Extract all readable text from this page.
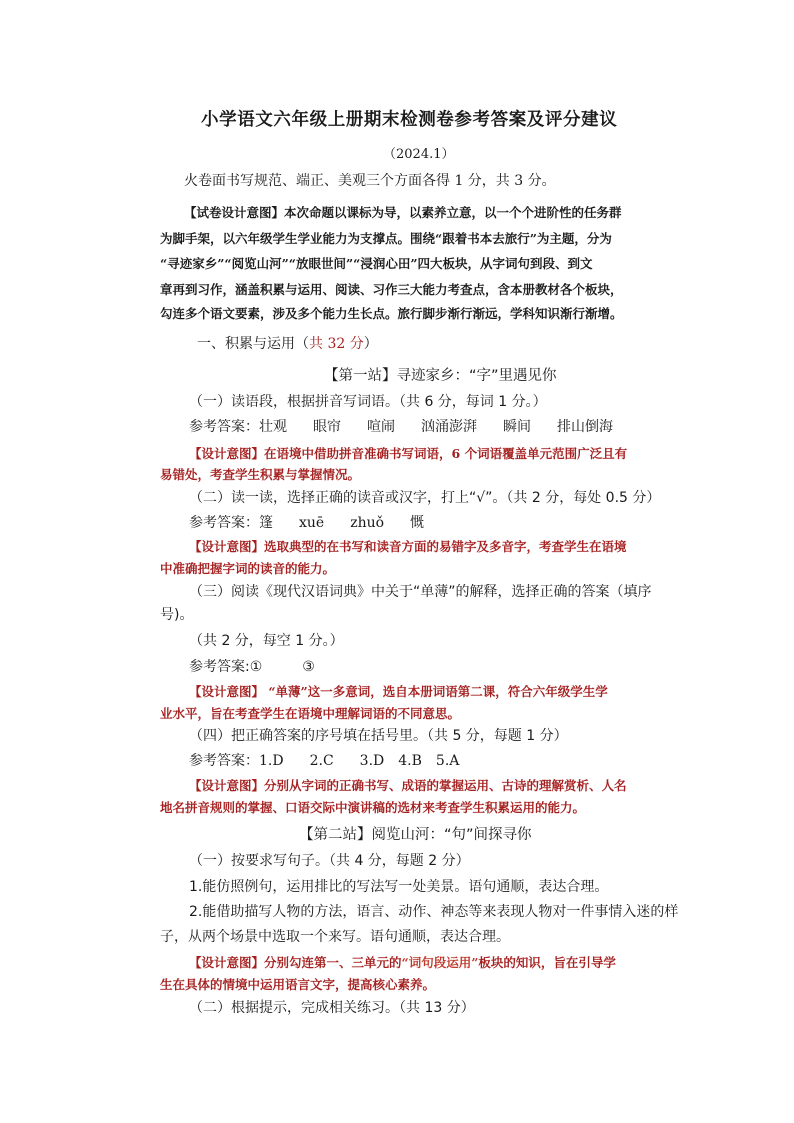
小学语文六年级上册期末检测卷参考答案及评分建议
（2024.1）
火卷面书写规范、端正、美观三个方面各得 1 分，共 3 分。
【试卷设计意图】本次命题以课标为导，以素养立意，以一个个进阶性的任务群
为脚手架，以六年级学生学业能力为支撑点。围绕“跟着书本去旅行”为主题，分为
“寻迹家乡”“阅览山河”“放眼世间”“浸润心田”四大板块，从字词句到段、到文
章再到习作，涵盖积累与运用、阅读、习作三大能力考查点，含本册教材各个板块，
勾连多个语文要素，涉及多个能力生长点。旅行脚步渐行渐远，学科知识渐行渐增。
一、积累与运用（共 32 分）
【第一站】寻迹家乡：“字”里遇见你
（一）读语段，根据拼音写词语。（共 6 分，每词 1 分。）
参考答案：壮观 眼帘 喧闹 汹涌澎湃 瞬间 排山倒海
【设计意图】在语境中借助拼音准确书写词语，6 个词语覆盖单元范围广泛且有
易错处，考查学生积累与掌握情况。
（二）读一读，选择正确的读音或汉字，打上“√”。（共 2 分，每处 0.5 分）
参考答案：篷 xuē zhuǒ 慨
【设计意图】选取典型的在书写和读音方面的易错字及多音字，考查学生在语境
中准确把握字词的读音的能力。
（三）阅读《现代汉语词典》中关于“单薄”的解释，选择正确的答案（填序
号)。
（共 2 分，每空 1 分。）
参考答案:①	③
【设计意图】 “单薄”这一多意词，选自本册词语第二课，符合六年级学生学
业水平，旨在考查学生在语境中理解词语的不同意思。
（四）把正确答案的序号填在括号里。（共 5 分，每题 1 分）
参考答案：1.D 2.C 3.D 4.B 5.A
【设计意图】分别从字词的正确书写、成语的掌握运用、古诗的理解赏析、人名
地名拼音规则的掌握、口语交际中演讲稿的选材来考查学生积累运用的能力。
【第二站】阅览山河：“句”间探寻你
（一）按要求写句子。（共 4 分，每题 2 分）
1.能仿照例句，运用排比的写法写一处美景。语句通顺，表达合理。
2.能借助描写人物的方法，语言、动作、神态等来表现人物对一件事情入迷的样
子，从两个场景中选取一个来写。语句通顺，表达合理。
【设计意图】分别勾连第一、三单元的“词句段运用”板块的知识，旨在引导学
生在具体的情境中运用语言文字，提高核心素养。
（二）根据提示，完成相关练习。（共 13 分）
